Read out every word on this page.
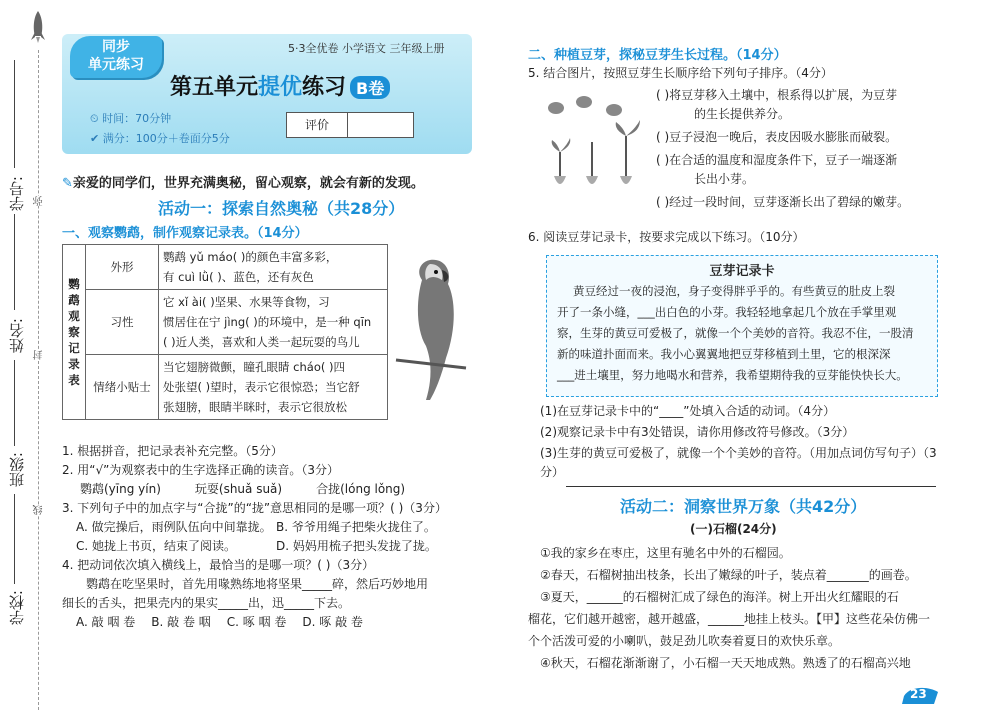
弥
封
线
学号:
姓名:
班级:
学校:
同步
单元练习
5·3全优卷 小学语文 三年级上册
第五单元提优练习 B卷
⏲ 时间：70分钟
✔ 满分：100分＋卷面分5分
评价
✎亲爱的同学们，世界充满奥秘，留心观察，就会有新的发现。
活动一：探索自然奥秘（共28分）
一、观察鹦鹉，制作观察记录表。（14分）
鹦鹉观察记录表	外形	鹦鹉 yǔ máo( )的颜色丰富多彩，
有 cuì lǜ( )、蓝色，还有灰色

	习性	它 xǐ ài( )坚果、水果等食物，习
惯居住在宁 jìng( )的环境中，是一种 qīn
( )近人类，喜欢和人类一起玩耍的鸟儿

	情绪小贴士	当它翅膀微颤，瞳孔眼睛 cháo( )四
处张望( )望时，表示它很惊恐；当它舒
张翅膀，眼睛半眯时，表示它很放松
1. 根据拼音，把记录表补充完整。（5分）
2. 用“√”为观察表中的生字选择正确的读音。（3分）
鹦鹉(yīng yín)	玩耍(shuǎ suǎ)	合拢(lóng lǒng)
3. 下列句子中的加点字与“合拢”的“拢”意思相同的是哪一项？( )（3分）
A. 做完操后，雨例队伍向中间靠拢。 B. 爷爷用绳子把柴火拢住了。
C. 她拢上书页，结束了阅读。	D. 妈妈用梳子把头发拢了拢。
4. 把动词依次填入横线上，最恰当的是哪一项？( )（3分）
鹦鹉在吃坚果时，首先用喙熟练地将坚果_____碎，然后巧妙地用
细长的舌头，把果壳内的果实_____出，迅_____下去。
A. 敲 咽 卷 B. 敲 卷 咽 C. 啄 咽 卷 D. 啄 敲 卷
二、种植豆芽，探秘豆芽生长过程。（14分）
5. 结合图片，按照豆芽生长顺序给下列句子排序。（4分）
( )将豆芽移入土壤中，根系得以扩展，为豆芽
的生长提供养分。
( )豆子浸泡一晚后，表皮因吸水膨胀而破裂。
( )在合适的温度和湿度条件下，豆子一端逐渐
长出小芽。
( )经过一段时间，豆芽逐渐长出了碧绿的嫩芽。
6. 阅读豆芽记录卡，按要求完成以下练习。（10分）
豆芽记录卡
黄豆经过一夜的浸泡，身子变得胖乎乎的。有些黄豆的肚皮上裂
开了一条小缝，___出白色的小芽。我轻轻地拿起几个放在手掌里观
察，生芽的黄豆可爱极了，就像一个个美妙的音符。我忍不住，一股清
新的味道扑面而来。我小心翼翼地把豆芽移植到土里，它的根深深
___进土壤里，努力地喝水和营养，我希望期待我的豆芽能快快长大。
(1)在豆芽记录卡中的“____”处填入合适的动词。（4分）
(2)观察记录卡中有3处错误，请你用修改符号修改。（3分）
(3)生芽的黄豆可爱极了，就像一个个美妙的音符。（用加点词仿写句子）（3分）
活动二：洞察世界万象（共42分）
(一)石榴(24分)
①我的家乡在枣庄，这里有驰名中外的石榴园。
②春天，石榴树抽出枝条，长出了嫩绿的叶子，装点着_______的画卷。
③夏天，______的石榴树汇成了绿色的海洋。树上开出火红耀眼的石
榴花，它们越开越密，越开越盛，______地挂上枝头。【甲】这些花朵仿佛一
个个活泼可爱的小喇叭，鼓足劲儿吹奏着夏日的欢快乐章。
④秋天，石榴花渐渐谢了，小石榴一天天地成熟。熟透了的石榴高兴地
23
